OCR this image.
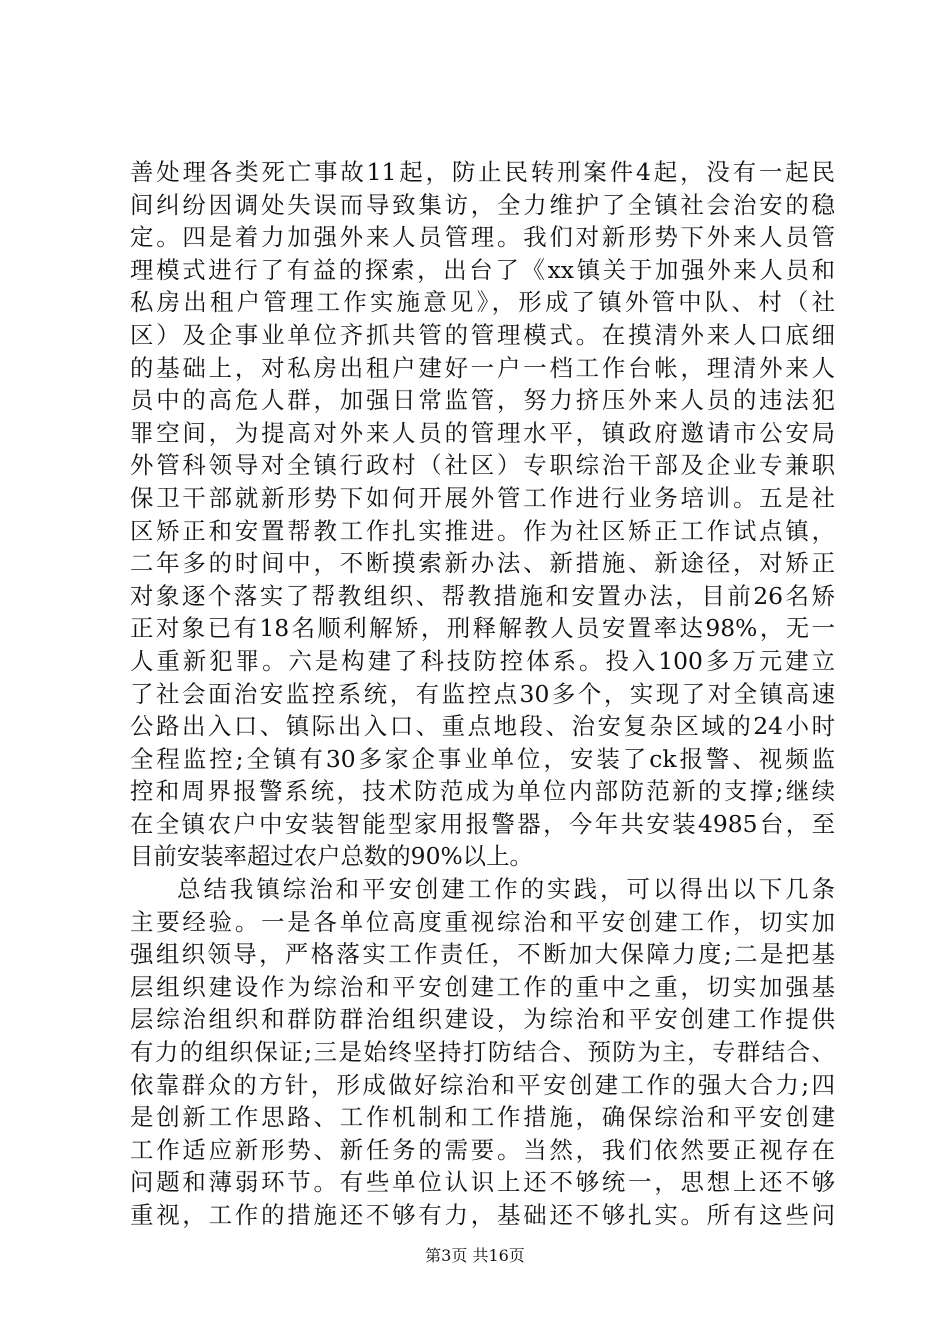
善处理各类死亡事故11起，防止民转刑案件4起，没有一起民
间纠纷因调处失误而导致集访，全力维护了全镇社会治安的稳
定。四是着力加强外来人员管理。我们对新形势下外来人员管
理模式进行了有益的探索，出台了《xx镇关于加强外来人员和
私房出租户管理工作实施意见》，形成了镇外管中队、村（社
区）及企事业单位齐抓共管的管理模式。在摸清外来人口底细
的基础上，对私房出租户建好一户一档工作台帐，理清外来人
员中的高危人群，加强日常监管，努力挤压外来人员的违法犯
罪空间，为提高对外来人员的管理水平，镇政府邀请市公安局
外管科领导对全镇行政村（社区）专职综治干部及企业专兼职
保卫干部就新形势下如何开展外管工作进行业务培训。五是社
区矫正和安置帮教工作扎实推进。作为社区矫正工作试点镇，
二年多的时间中，不断摸索新办法、新措施、新途径，对矫正
对象逐个落实了帮教组织、帮教措施和安置办法，目前26名矫
正对象已有18名顺利解矫，刑释解教人员安置率达98%，无一
人重新犯罪。六是构建了科技防控体系。投入100多万元建立
了社会面治安监控系统，有监控点30多个，实现了对全镇高速
公路出入口、镇际出入口、重点地段、治安复杂区域的24小时
全程监控;全镇有30多家企事业单位，安装了ck报警、视频监
控和周界报警系统，技术防范成为单位内部防范新的支撑;继续
在全镇农户中安装智能型家用报警器，今年共安装4985台，至
目前安装率超过农户总数的90%以上。
总结我镇综治和平安创建工作的实践，可以得出以下几条
主要经验。一是各单位高度重视综治和平安创建工作，切实加
强组织领导，严格落实工作责任，不断加大保障力度;二是把基
层组织建设作为综治和平安创建工作的重中之重，切实加强基
层综治组织和群防群治组织建设，为综治和平安创建工作提供
有力的组织保证;三是始终坚持打防结合、预防为主，专群结合、
依靠群众的方针，形成做好综治和平安创建工作的强大合力;四
是创新工作思路、工作机制和工作措施，确保综治和平安创建
工作适应新形势、新任务的需要。当然，我们依然要正视存在
问题和薄弱环节。有些单位认识上还不够统一，思想上还不够
重视，工作的措施还不够有力，基础还不够扎实。所有这些问
第3页 共16页
